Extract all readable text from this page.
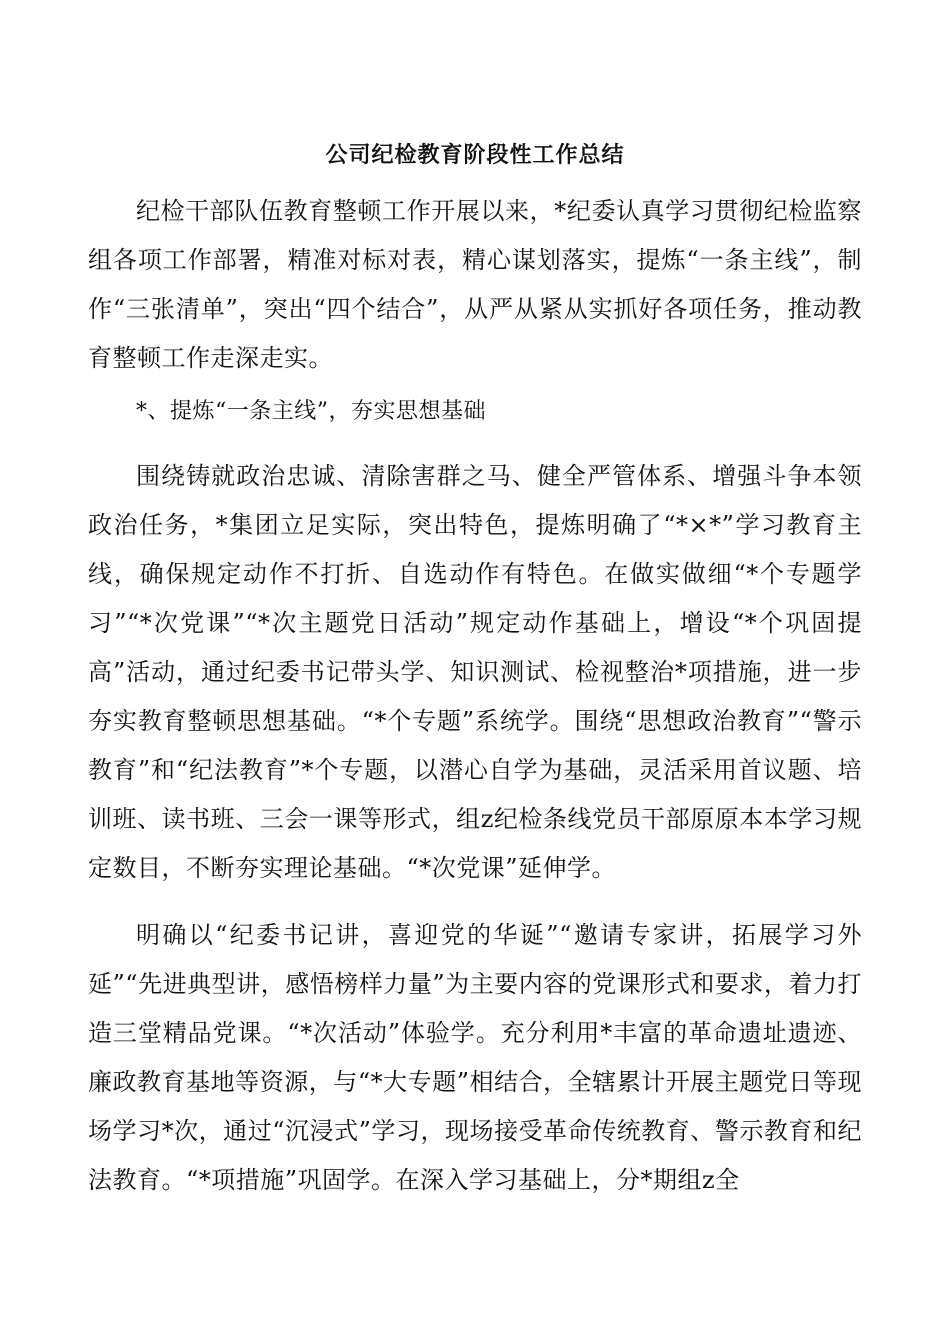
公司纪检教育阶段性工作总结

纪检干部队伍教育整顿工作开展以来，*纪委认真学习贯彻纪检监察组各项工作部署，精准对标对表，精心谋划落实，提炼“一条主线”，制作“三张清单”，突出“四个结合”，从严从紧从实抓好各项任务，推动教育整顿工作走深走实。

*、提炼“一条主线”，夯实思想基础

围绕铸就政治忠诚、清除害群之马、健全严管体系、增强斗争本领政治任务，*集团立足实际，突出特色，提炼明确了“*×*”学习教育主线，确保规定动作不打折、自选动作有特色。在做实做细“*个专题学习”“*次党课”“*次主题党日活动”规定动作基础上，增设“*个巩固提高”活动，通过纪委书记带头学、知识测试、检视整治*项措施，进一步夯实教育整顿思想基础。“*个专题”系统学。围绕“思想政治教育”“警示教育”和“纪法教育”*个专题，以潜心自学为基础，灵活采用首议题、培训班、读书班、三会一课等形式，组z纪检条线党员干部原原本本学习规定数目，不断夯实理论基础。“*次党课”延伸学。

明确以“纪委书记讲，喜迎党的华诞”“邀请专家讲，拓展学习外延”“先进典型讲，感悟榜样力量”为主要内容的党课形式和要求，着力打造三堂精品党课。“*次活动”体验学。充分利用*丰富的革命遗址遗迹、廉政教育基地等资源，与“*大专题”相结合，全辖累计开展主题党日等现场学习*次，通过“沉浸式”学习，现场接受革命传统教育、警示教育和纪法教育。“*项措施”巩固学。在深入学习基础上，分*期组z全
